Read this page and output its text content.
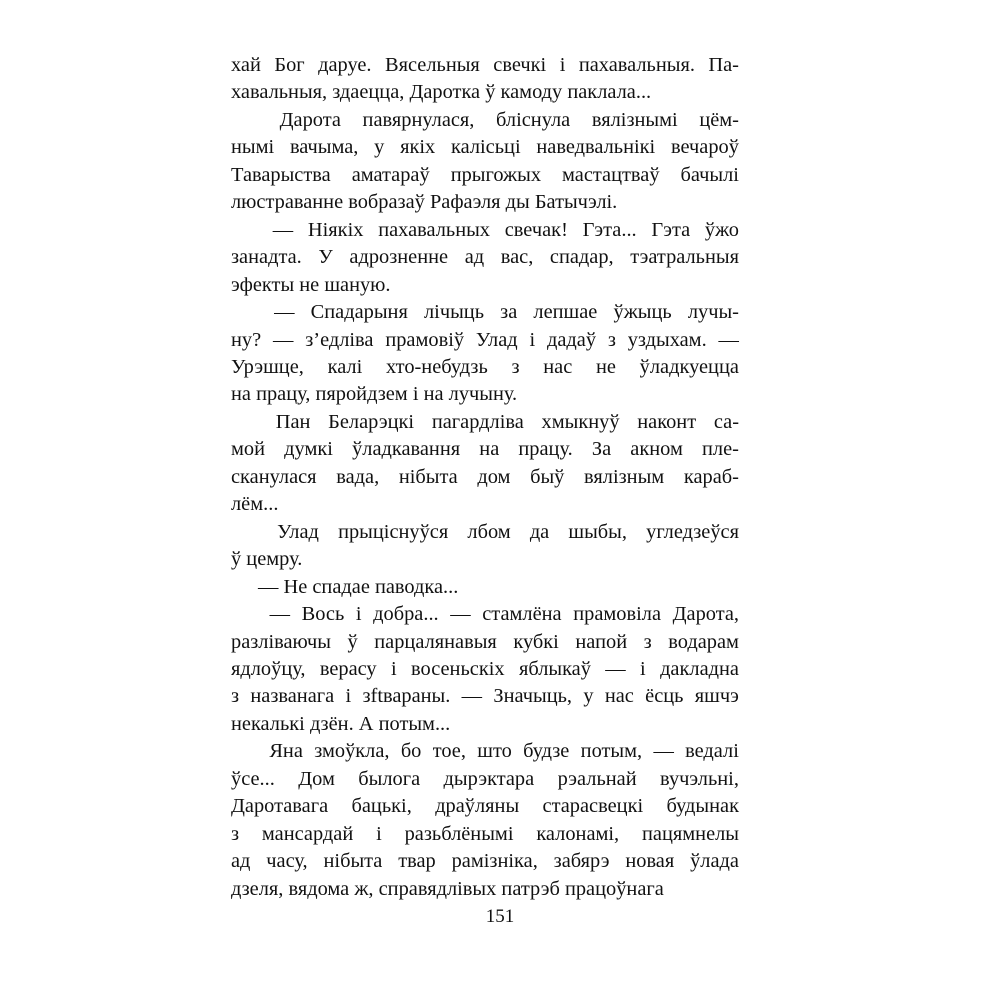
хай Бог даруе. Вясельныя свечкі і пахавальныя. Па-
хавальныя, здаецца, Даротка ў камоду паклала...

Дарота павярнулася, бліснула вялізнымі цём-
нымі вачыма, у якіх калісьці наведвальнікі вечароў
Таварыства аматараў прыгожых мастацтваў бачылі
люстраванне вобразаў Рафаэля ды Батычэлі.

— Ніякіх пахавальных свечак! Гэта... Гэта ўжо
занадта. У адрозненне ад вас, спадар, тэатральныя
эфекты не шаную.

— Спадарыня лічыць за лепшае ўжыць лучы-
ну? — з’едліва прамовіў Улад і дадаў з уздыхам. —
Урэшце, калі хто-небудзь з нас не ўладкуецца
на працу, пяройдзем і на лучыну.

Пан Беларэцкі пагардліва хмыкнуў наконт са-
мой думкі ўладкавання на працу. За акном пле-
сканулася вада, нібыта дом быў вялізным караб-
лём...

Улад прыціснуўся лбом да шыбы, угледзеўся
ў цемру.

— Не спадае паводка...

— Вось і добра... — стамлёна прамовіла Дарота,
разліваючы ў парцалянавыя кубкі напой з водарам
ядлоўцу, верасу і восеньскіх яблыкаў — і дакладна
з названага і зftвараны. — Значыць, у нас ёсць яшчэ
некалькі дзён. А потым...

Яна змоўкла, бо тое, што будзе потым, — ведалі
ўсе... Дом былога дырэктара рэальнай вучэльні,
Даротавага бацькі, драўляны старасвецкі будынак
з мансардай і разьблёнымі калонамі, пацямнелы
ад часу, нібыта твар рамізніка, забярэ новая ўлада
дзеля, вядома ж, справядлівых патрэб працоўнага

151
